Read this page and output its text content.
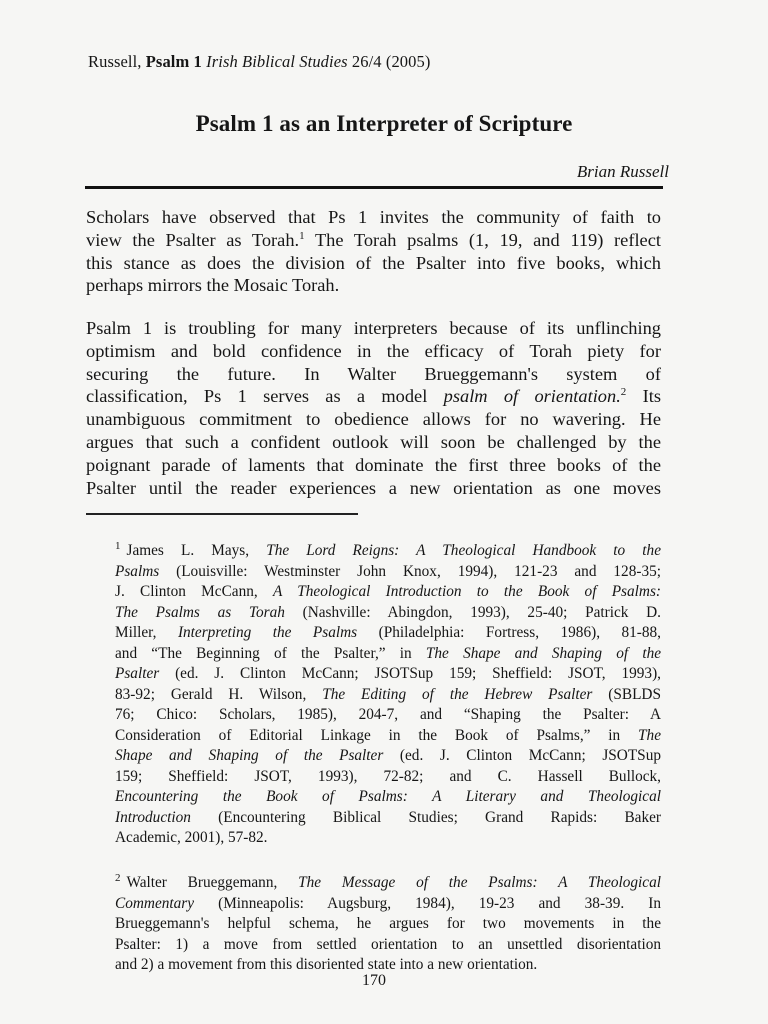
Russell, Psalm 1 Irish Biblical Studies 26/4 (2005)
Psalm 1 as an Interpreter of Scripture
Brian Russell
Scholars have observed that Ps 1 invites the community of faith to
view the Psalter as Torah.$^1$ The Torah psalms (1, 19, and 119) reflect
this stance as does the division of the Psalter into five books, which
perhaps mirrors the Mosaic Torah.
Psalm 1 is troubling for many interpreters because of its unflinching
optimism and bold confidence in the efficacy of Torah piety for
securing the future. In Walter Brueggemann's system of
classification, Ps 1 serves as a model psalm of orientation.$^2$ Its
unambiguous commitment to obedience allows for no wavering. He
argues that such a confident outlook will soon be challenged by the
poignant parade of laments that dominate the first three books of the
Psalter until the reader experiences a new orientation as one moves
$^1$ James L. Mays, The Lord Reigns: A Theological Handbook to the
Psalms (Louisville: Westminster John Knox, 1994), 121-23 and 128-35;
J. Clinton McCann, A Theological Introduction to the Book of Psalms:
The Psalms as Torah (Nashville: Abingdon, 1993), 25-40; Patrick D.
Miller, Interpreting the Psalms (Philadelphia: Fortress, 1986), 81-88,
and “The Beginning of the Psalter,” in The Shape and Shaping of the
Psalter (ed. J. Clinton McCann; JSOTSup 159; Sheffield: JSOT, 1993),
83-92; Gerald H. Wilson, The Editing of the Hebrew Psalter (SBLDS
76; Chico: Scholars, 1985), 204-7, and “Shaping the Psalter: A
Consideration of Editorial Linkage in the Book of Psalms,” in The
Shape and Shaping of the Psalter (ed. J. Clinton McCann; JSOTSup
159; Sheffield: JSOT, 1993), 72-82; and C. Hassell Bullock,
Encountering the Book of Psalms: A Literary and Theological
Introduction (Encountering Biblical Studies; Grand Rapids: Baker
Academic, 2001), 57-82.
$^2$ Walter Brueggemann, The Message of the Psalms: A Theological
Commentary (Minneapolis: Augsburg, 1984), 19-23 and 38-39. In
Brueggemann's helpful schema, he argues for two movements in the
Psalter: 1) a move from settled orientation to an unsettled disorientation
and 2) a movement from this disoriented state into a new orientation.
170
